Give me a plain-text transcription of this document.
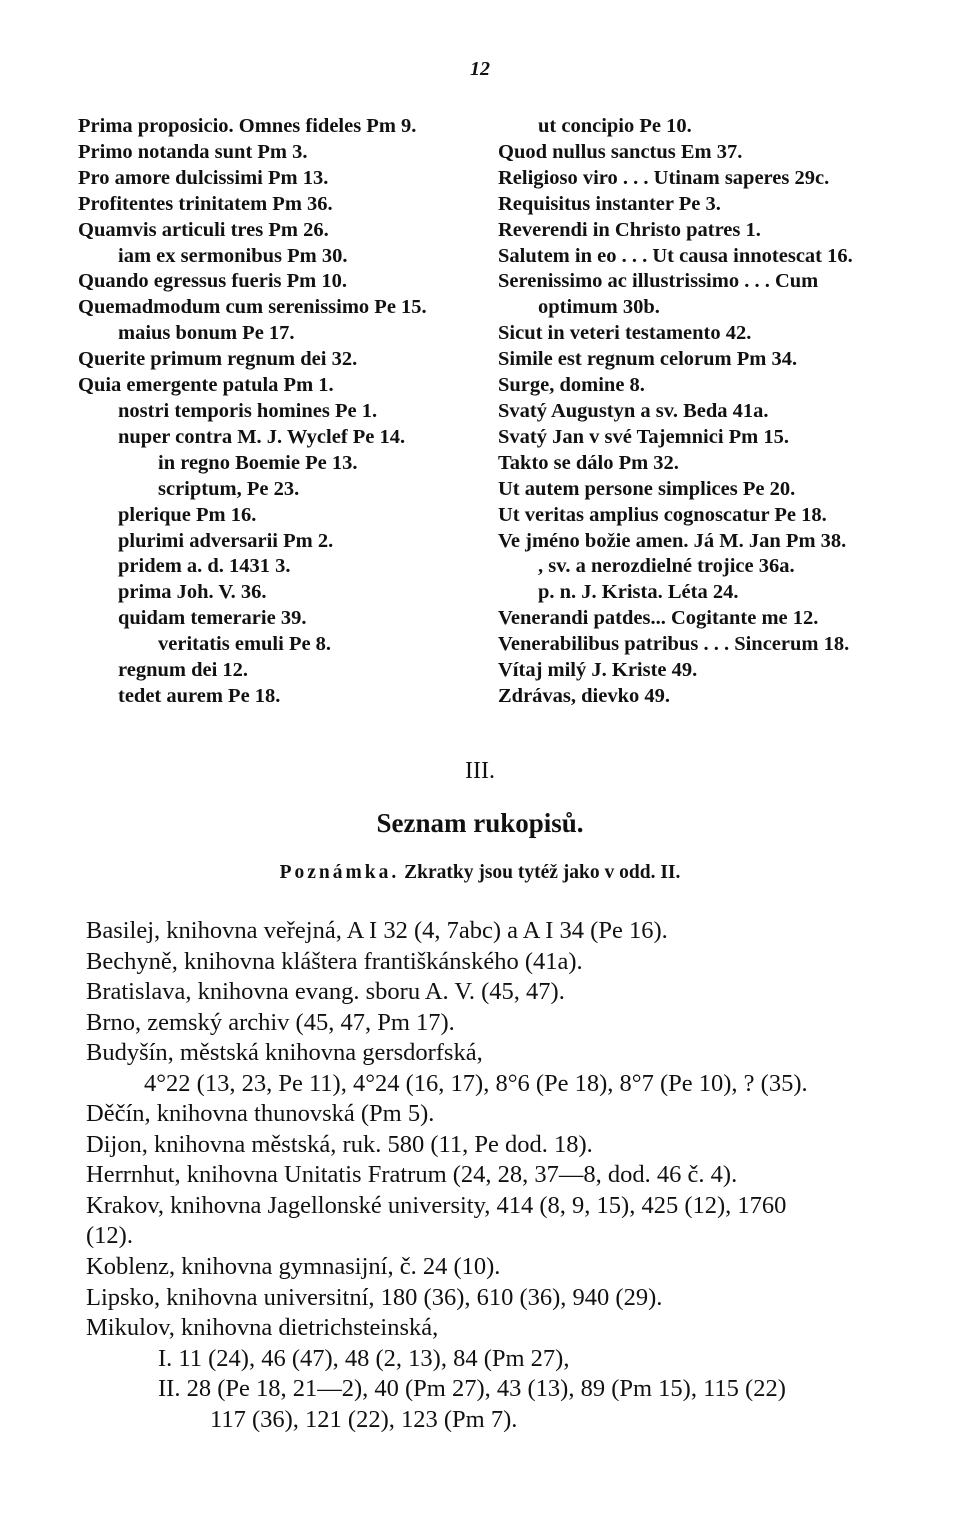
12
Prima proposicio. Omnes fideles Pm 9.
Primo notanda sunt Pm 3.
Pro amore dulcissimi Pm 13.
Profitentes trinitatem Pm 36.
Quamvis articuli tres Pm 26.
iam ex sermonibus Pm 30.
Quando egressus fueris Pm 10.
Quemadmodum cum serenissimo Pe 15.
maius bonum Pe 17.
Querite primum regnum dei 32.
Quia emergente patula Pm 1.
nostri temporis homines Pe 1.
nuper contra M. J. Wyclef Pe 14.
in regno Boemie Pe 13.
scriptum, Pe 23.
plerique Pm 16.
plurimi adversarii Pm 2.
pridem a. d. 1431 3.
prima Joh. V. 36.
quidam temerarie 39.
veritatis emuli Pe 8.
regnum dei 12.
tedet aurem Pe 18.
ut concipio Pe 10.
Quod nullus sanctus Em 37.
Religioso viro . . . Utinam saperes 29c.
Requisitus instanter Pe 3.
Reverendi in Christo patres 1.
Salutem in eo . . . Ut causa innotescat 16.
Serenissimo ac illustrissimo . . . Cum
optimum 30b.
Sicut in veteri testamento 42.
Simile est regnum celorum Pm 34.
Surge, domine 8.
Svatý Augustyn a sv. Beda 41a.
Svatý Jan v své Tajemnici Pm 15.
Takto se dálo Pm 32.
Ut autem persone simplices Pe 20.
Ut veritas amplius cognoscatur Pe 18.
Ve jméno božie amen. Já M. Jan Pm 38.
, sv. a nerozdielné trojice 36a.
p. n. J. Krista. Léta 24.
Venerandi patdes... Cogitante me 12.
Venerabilibus patribus . . . Sincerum 18.
Vítaj milý J. Kriste 49.
Zdrávas, dievko 49.
III.
Seznam rukopisů.
Poznámka. Zkratky jsou tytéž jako v odd. II.
Basilej, knihovna veřejná, A I 32 (4, 7abc) a A I 34 (Pe 16).
Bechyně, knihovna kláštera františkánského (41a).
Bratislava, knihovna evang. sboru A. V. (45, 47).
Brno, zemský archiv (45, 47, Pm 17).
Budyšín, městská knihovna gersdorfská,
4°22 (13, 23, Pe 11), 4°24 (16, 17), 8°6 (Pe 18), 8°7 (Pe 10), ? (35).
Děčín, knihovna thunovská (Pm 5).
Dijon, knihovna městská, ruk. 580 (11, Pe dod. 18).
Herrnhut, knihovna Unitatis Fratrum (24, 28, 37—8, dod. 46 č. 4).
Krakov, knihovna Jagellonské university, 414 (8, 9, 15), 425 (12), 1760
(12).
Koblenz, knihovna gymnasijní, č. 24 (10).
Lipsko, knihovna universitní, 180 (36), 610 (36), 940 (29).
Mikulov, knihovna dietrichsteinská,
I. 11 (24), 46 (47), 48 (2, 13), 84 (Pm 27),
II. 28 (Pe 18, 21—2), 40 (Pm 27), 43 (13), 89 (Pm 15), 115 (22)
117 (36), 121 (22), 123 (Pm 7).
